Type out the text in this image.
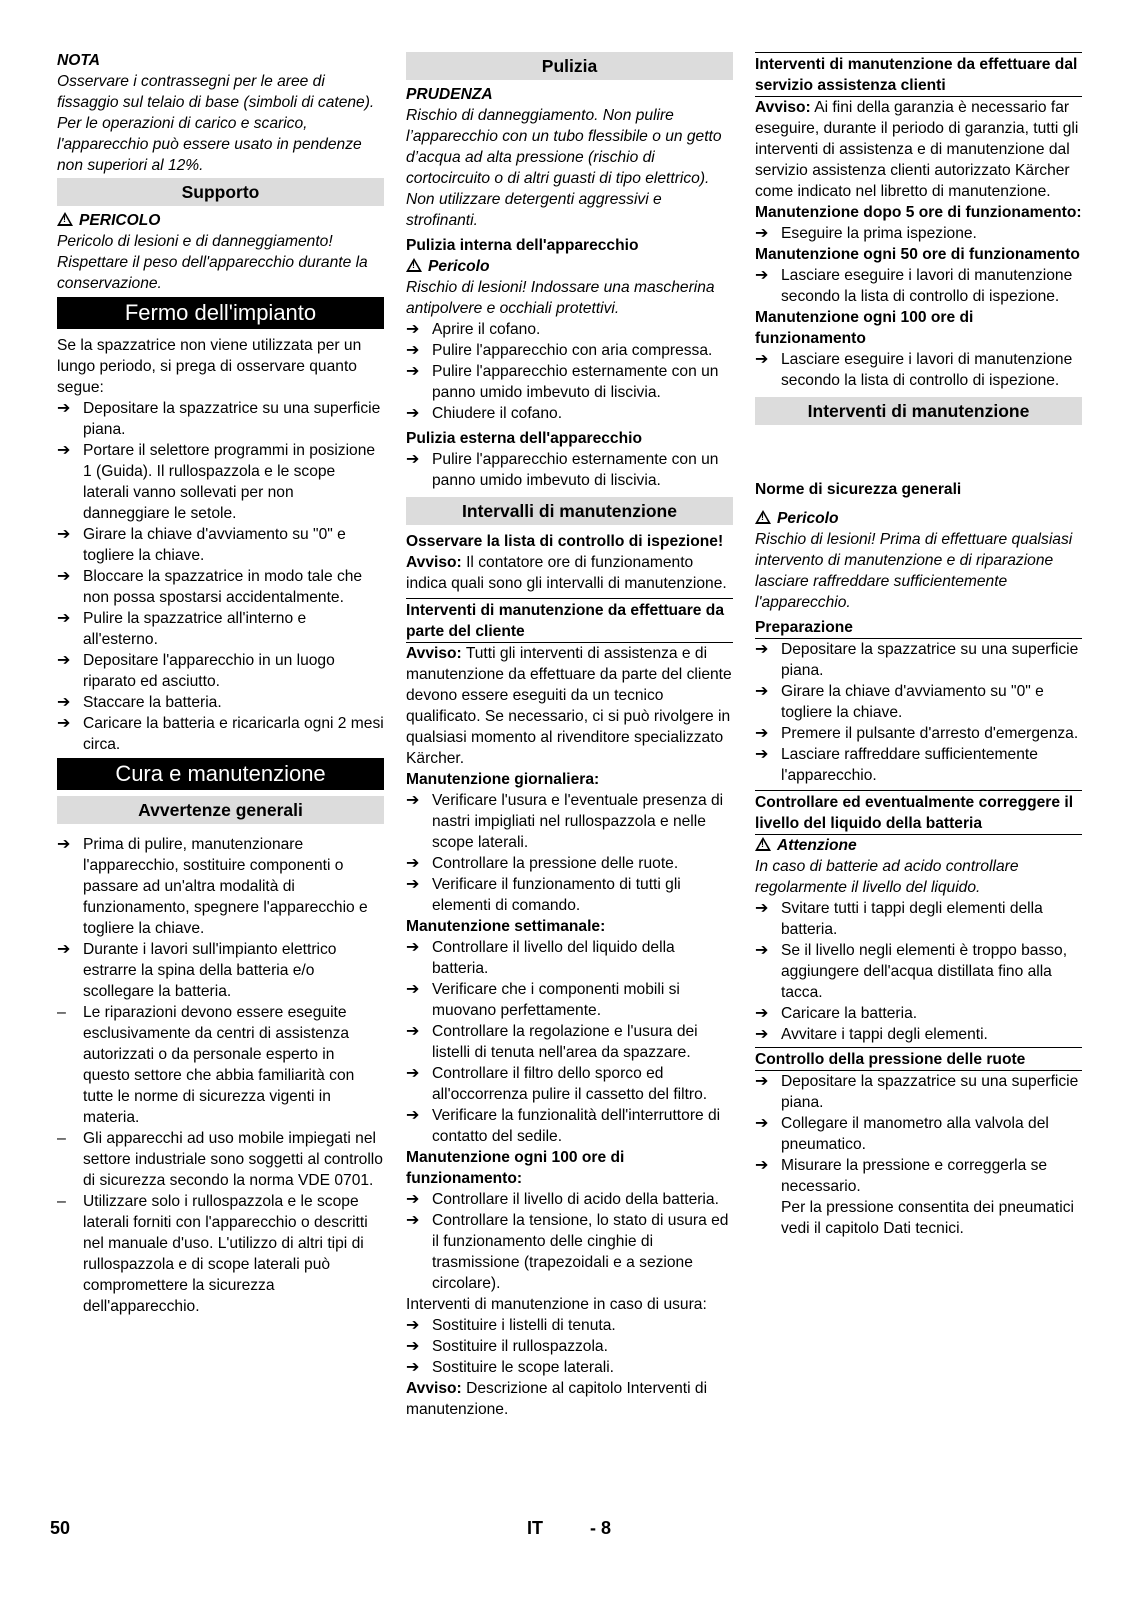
NOTA

Osservare i contrassegni per le aree di fissaggio sul telaio di base (simboli di catene). Per le operazioni di carico e scarico, l'apparecchio può essere usato in pendenze non superiori al 12%.

Supporto
!PERICOLO

Pericolo di lesioni e di danneggiamento! Rispettare il peso dell'apparecchio durante la conservazione.

Fermo dell'impianto

Se la spazzatrice non viene utilizzata per un lungo periodo, si prega di osservare quanto segue:

➔ Depositare la spazzatrice su una superficie piana.
➔ Portare il selettore programmi in posizione 1 (Guida). Il rullospazzola e le scope laterali vanno sollevati per non danneggiare le setole.
➔ Girare la chiave d'avviamento su "0" e togliere la chiave.
➔ Bloccare la spazzatrice in modo tale che non possa spostarsi accidentalmente.
➔ Pulire la spazzatrice all'interno e all'esterno.
➔ Depositare l'apparecchio in un luogo riparato ed asciutto.
➔ Staccare la batteria.
➔ Caricare la batteria e ricaricarla ogni 2 mesi circa.
Cura e manutenzione
Avvertenze generali
➔ Prima di pulire, manutenzionare l'apparecchio, sostituire componenti o passare ad un'altra modalità di funzionamento, spegnere l'apparecchio e togliere la chiave.
➔ Durante i lavori sull'impianto elettrico estrarre la spina della batteria e/o scollegare la batteria.
– Le riparazioni devono essere eseguite esclusivamente da centri di assistenza autorizzati o da personale esperto in questo settore che abbia familiarità con tutte le norme di sicurezza vigenti in materia.
– Gli apparecchi ad uso mobile impiegati nel settore industriale sono soggetti al controllo di sicurezza secondo la norma VDE 0701.
– Utilizzare solo i rullospazzola e le scope laterali forniti con l'apparecchio o descritti nel manuale d'uso. L'utilizzo di altri tipi di rullospazzola e di scope laterali può compromettere la sicurezza dell'apparecchio.
Pulizia

PRUDENZA

Rischio di danneggiamento. Non pulire l’apparecchio con un tubo flessibile o un getto d’acqua ad alta pressione (rischio di cortocircuito o di altri guasti di tipo elettrico).

Non utilizzare detergenti aggressivi e strofinanti.

Pulizia interna dell'apparecchio

!Pericolo

Rischio di lesioni! Indossare una mascherina antipolvere e occhiali protettivi.

➔ Aprire il cofano.
➔ Pulire l'apparecchio con aria compressa.
➔ Pulire l'apparecchio esternamente con un panno umido imbevuto di liscivia.
➔ Chiudere il cofano.

Pulizia esterna dell'apparecchio

➔ Pulire l'apparecchio esternamente con un panno umido imbevuto di liscivia.
Intervalli di manutenzione

Osservare la lista di controllo di ispezione!

Avviso: Il contatore ore di funzionamento indica quali sono gli intervalli di manutenzione.

Interventi di manutenzione da effettuare da parte del cliente

Avviso: Tutti gli interventi di assistenza e di manutenzione da effettuare da parte del cliente devono essere eseguiti da un tecnico qualificato. Se necessario, ci si può rivolgere in qualsiasi momento al rivenditore specializzato Kärcher.

Manutenzione giornaliera:

➔ Verificare l'usura e l'eventuale presenza di nastri impigliati nel rullospazzola e nelle scope laterali.
➔ Controllare la pressione delle ruote.
➔ Verificare il funzionamento di tutti gli elementi di comando.

Manutenzione settimanale:

➔ Controllare il livello del liquido della batteria.
➔ Verificare che i componenti mobili si muovano perfettamente.
➔ Controllare la regolazione e l'usura dei listelli di tenuta nell'area da spazzare.
➔ Controllare il filtro dello sporco ed all'occorrenza pulire il cassetto del filtro.
➔ Verificare la funzionalità dell'interruttore di contatto del sedile.

Manutenzione ogni 100 ore di funzionamento:

➔ Controllare il livello di acido della batteria.
➔ Controllare la tensione, lo stato di usura ed il funzionamento delle cinghie di trasmissione (trapezoidali e a sezione circolare).

Interventi di manutenzione in caso di usura:

➔ Sostituire i listelli di tenuta.
➔ Sostituire il rullospazzola.
➔ Sostituire le scope laterali.

Avviso: Descrizione al capitolo Interventi di manutenzione.

Interventi di manutenzione da effettuare dal servizio assistenza clienti

Avviso: Ai fini della garanzia è necessario far eseguire, durante il periodo di garanzia, tutti gli interventi di assistenza e di manutenzione dal servizio assistenza clienti autorizzato Kärcher come indicato nel libretto di manutenzione.

Manutenzione dopo 5 ore di funzionamento:

➔ Eseguire la prima ispezione.

Manutenzione ogni 50 ore di funzionamento

➔ Lasciare eseguire i lavori di manutenzione secondo la lista di controllo di ispezione.

Manutenzione ogni 100 ore di funzionamento

➔ Lasciare eseguire i lavori di manutenzione secondo la lista di controllo di ispezione.
Interventi di manutenzione

Norme di sicurezza generali

!Pericolo

Rischio di lesioni! Prima di effettuare qualsiasi intervento di manutenzione e di riparazione lasciare raffreddare sufficientemente l'apparecchio.

Preparazione

➔ Depositare la spazzatrice su una superficie piana.
➔ Girare la chiave d'avviamento su "0" e togliere la chiave.
➔ Premere il pulsante d'arresto d'emergenza.
➔ Lasciare raffreddare sufficientemente l'apparecchio.

Controllare ed eventualmente correggere il livello del liquido della batteria

!Attenzione

In caso di batterie ad acido controllare regolarmente il livello del liquido.

➔ Svitare tutti i tappi degli elementi della batteria.
➔ Se il livello negli elementi è troppo basso, aggiungere dell'acqua distillata fino alla tacca.
➔ Caricare la batteria.
➔ Avvitare i tappi degli elementi.

Controllo della pressione delle ruote

➔ Depositare la spazzatrice su una superficie piana.
➔ Collegare il manometro alla valvola del pneumatico.
➔ Misurare la pressione e correggerla se necessario.

Per la pressione consentita dei pneumatici vedi il capitolo Dati tecnici.

50	IT	- 8
